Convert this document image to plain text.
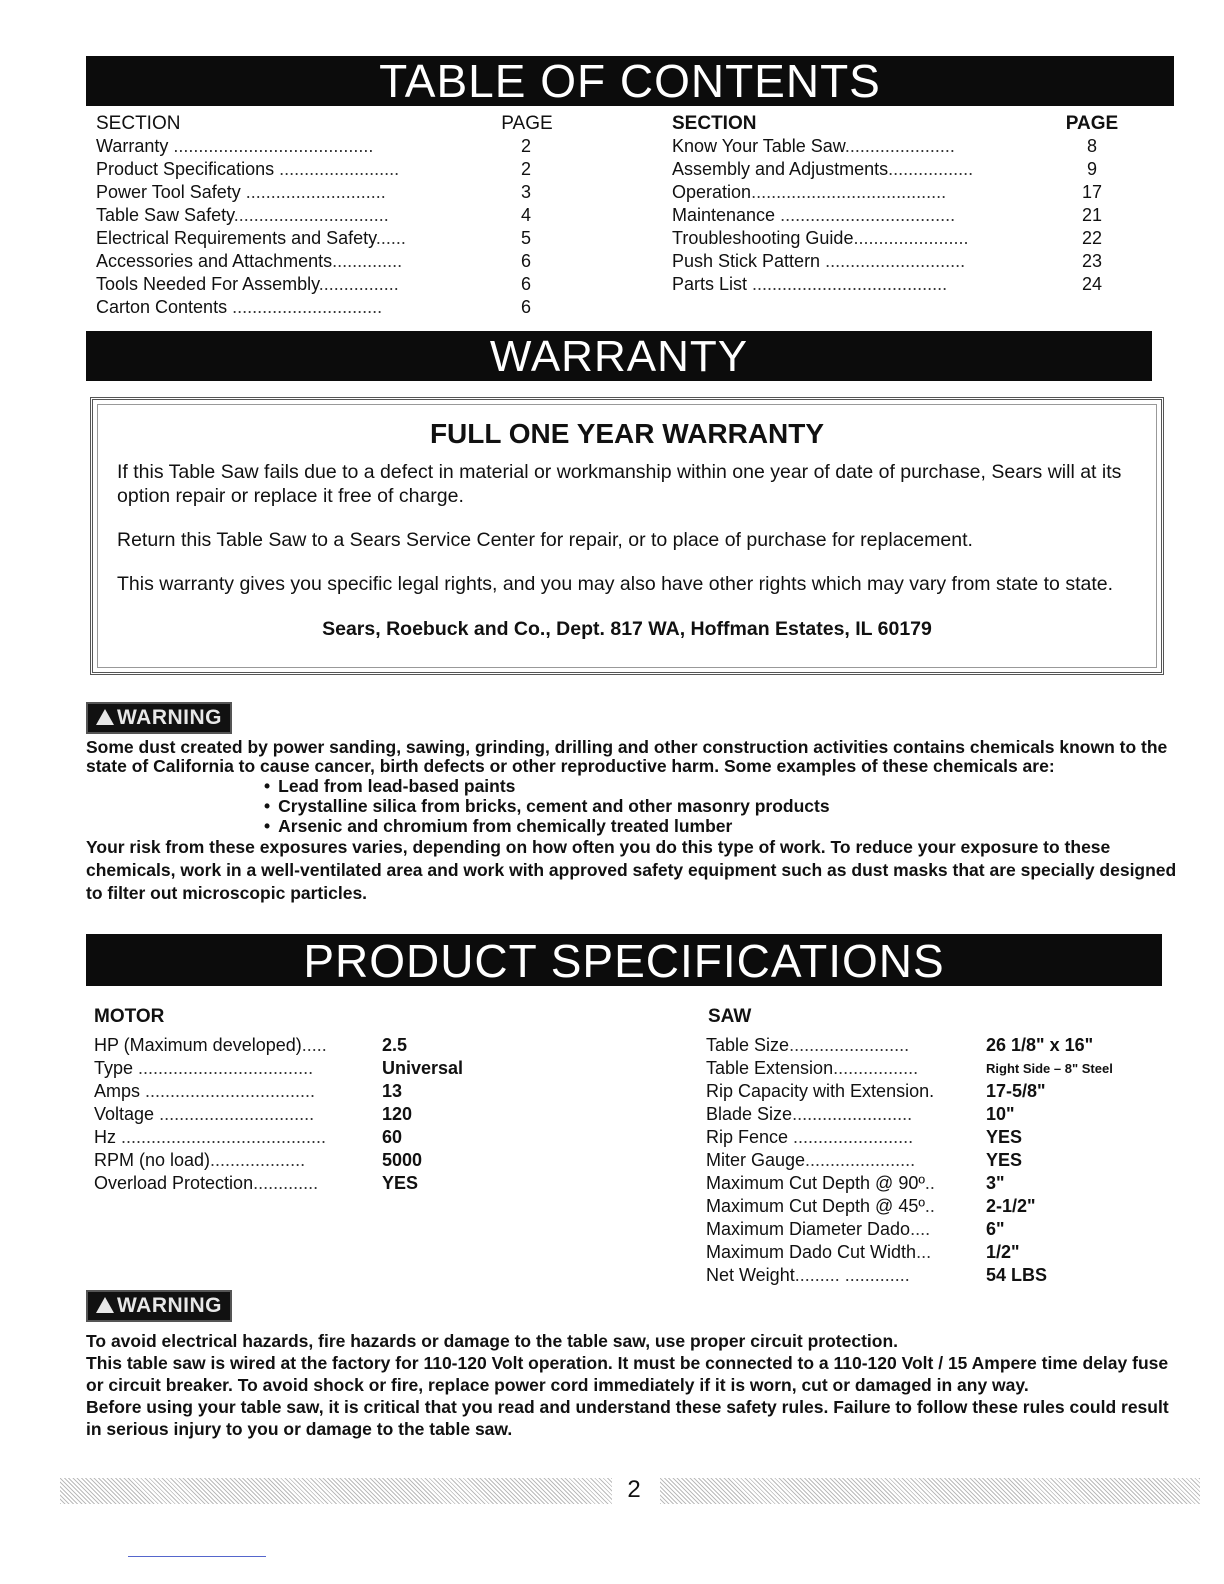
TABLE OF CONTENTS
SECTION	PAGE
Warranty ........................................	2
Product Specifications ........................	2
Power Tool Safety ............................	3
Table Saw Safety...............................	4
Electrical Requirements and Safety......	5
Accessories and Attachments..............	6
Tools Needed For Assembly................	6
Carton Contents ..............................	6
SECTION	PAGE
Know Your Table Saw......................	8
Assembly and Adjustments.................	9
Operation.......................................	17
Maintenance ...................................	21
Troubleshooting Guide.......................	22
Push Stick Pattern ............................	23
Parts List .......................................	24
WARRANTY
FULL ONE YEAR WARRANTY
If this Table Saw fails due to a defect in material or workmanship within one year of date of purchase, Sears will at its option repair or replace it free of charge.
Return this Table Saw to a Sears Service Center for repair, or to place of purchase for replacement.
This warranty gives you specific legal rights, and you may also have other rights which may vary from state to state.
Sears, Roebuck and Co., Dept. 817 WA, Hoffman Estates, IL 60179
WARNING

Some dust created by power sanding, sawing, grinding, drilling and other construction activities contains chemicals known to the state of California to cause cancer, birth defects or other reproductive harm. Some examples of these chemicals are:

• Lead from lead-based paints
• Crystalline silica from bricks, cement and other masonry products
• Arsenic and chromium from chemically treated lumber

Your risk from these exposures varies, depending on how often you do this type of work. To reduce your exposure to these chemicals, work in a well-ventilated area and work with approved safety equipment such as dust masks that are specially designed to filter out microscopic particles.

PRODUCT SPECIFICATIONS
MOTOR	SAW
HP (Maximum developed).....	2.5
Type ...................................	Universal
Amps ..................................	13
Voltage ...............................	120
Hz .........................................	60
RPM (no load)...................	5000
Overload Protection.............	YES
Table Size........................	26 1/8" x 16"
Table Extension.................	Right Side – 8" Steel
Rip Capacity with Extension.	17-5/8"
Blade Size........................	10"
Rip Fence ........................	YES
Miter Gauge......................	YES
Maximum Cut Depth @ 90º..	3"
Maximum Cut Depth @ 45º..	2-1/2"
Maximum Diameter Dado....	6"
Maximum Dado Cut Width...	1/2"
Net Weight......... .............	54 LBS
WARNING

To avoid electrical hazards, fire hazards or damage to the table saw, use proper circuit protection.

This table saw is wired at the factory for 110-120 Volt operation. It must be connected to a 110-120 Volt / 15 Ampere time delay fuse or circuit breaker. To avoid shock or fire, replace power cord immediately if it is worn, cut or damaged in any way.

Before using your table saw, it is critical that you read and understand these safety rules. Failure to follow these rules could result in serious injury to you or damage to the table saw.

2
